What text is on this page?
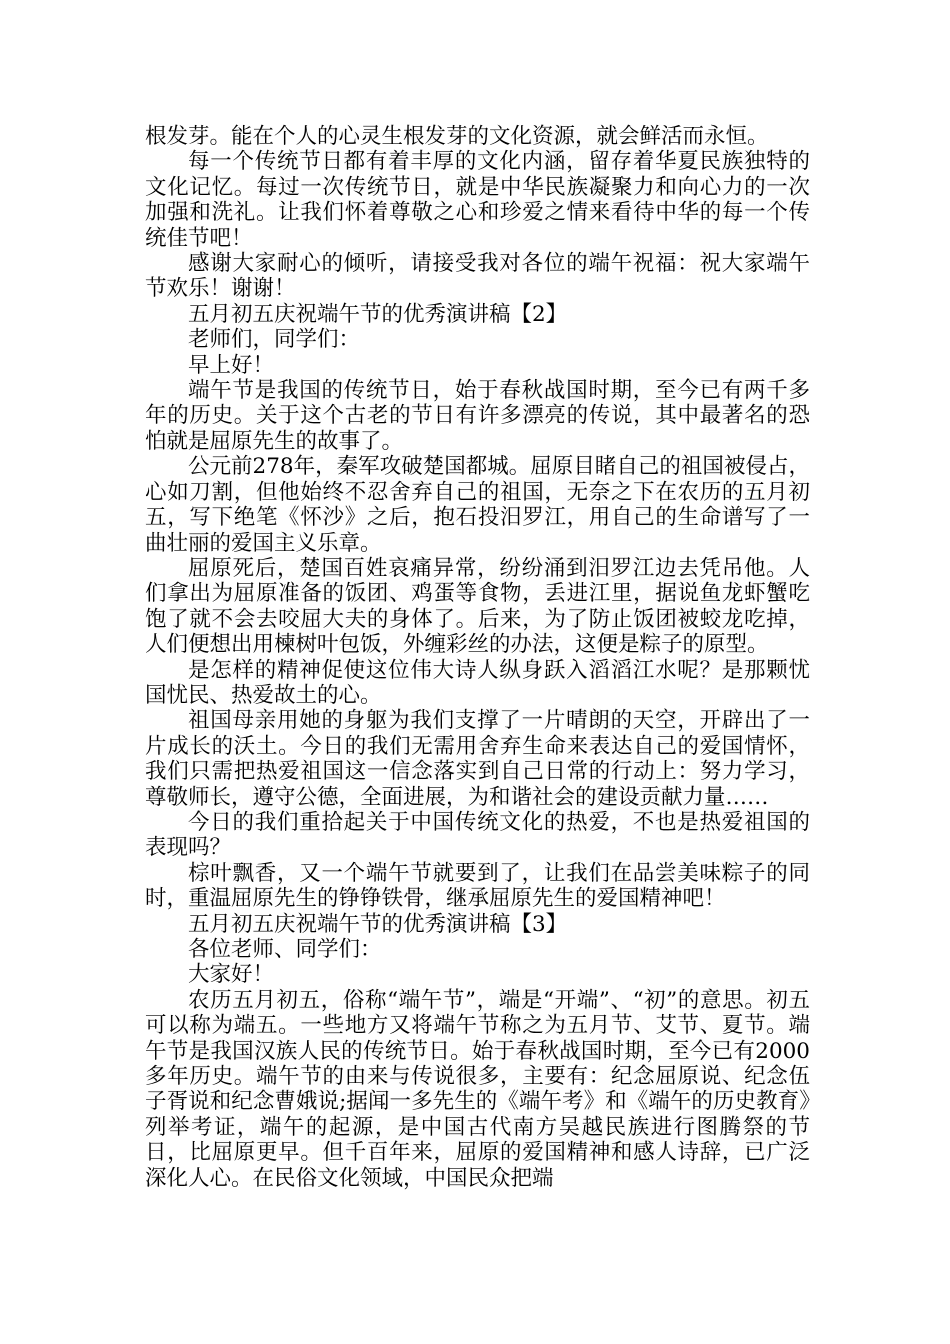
根发芽。能在个人的心灵生根发芽的文化资源，就会鲜活而永恒。

每一个传统节日都有着丰厚的文化内涵，留存着华夏民族独特的文化记忆。每过一次传统节日，就是中华民族凝聚力和向心力的一次加强和洗礼。让我们怀着尊敬之心和珍爱之情来看待中华的每一个传统佳节吧！

感谢大家耐心的倾听，请接受我对各位的端午祝福：祝大家端午节欢乐！谢谢！

五月初五庆祝端午节的优秀演讲稿【2】

老师们，同学们：

早上好！

端午节是我国的传统节日，始于春秋战国时期，至今已有两千多年的历史。关于这个古老的节日有许多漂亮的传说，其中最著名的恐怕就是屈原先生的故事了。

公元前278年，秦军攻破楚国都城。屈原目睹自己的祖国被侵占，心如刀割，但他始终不忍舍弃自己的祖国，无奈之下在农历的五月初五，写下绝笔《怀沙》之后，抱石投汨罗江，用自己的生命谱写了一曲壮丽的爱国主义乐章。

屈原死后，楚国百姓哀痛异常，纷纷涌到汨罗江边去凭吊他。人们拿出为屈原准备的饭团、鸡蛋等食物，丢进江里，据说鱼龙虾蟹吃饱了就不会去咬屈大夫的身体了。后来，为了防止饭团被蛟龙吃掉，人们便想出用楝树叶包饭，外缠彩丝的办法，这便是粽子的原型。

是怎样的精神促使这位伟大诗人纵身跃入滔滔江水呢？是那颗忧国忧民、热爱故土的心。

祖国母亲用她的身躯为我们支撑了一片晴朗的天空，开辟出了一片成长的沃土。今日的我们无需用舍弃生命来表达自己的爱国情怀，我们只需把热爱祖国这一信念落实到自己日常的行动上：努力学习，尊敬师长，遵守公德，全面进展，为和谐社会的建设贡献力量……

今日的我们重拾起关于中国传统文化的热爱，不也是热爱祖国的表现吗？

棕叶飘香，又一个端午节就要到了，让我们在品尝美味粽子的同时，重温屈原先生的铮铮铁骨，继承屈原先生的爱国精神吧！

五月初五庆祝端午节的优秀演讲稿【3】

各位老师、同学们：

大家好！

农历五月初五，俗称“端午节”，端是“开端”、“初”的意思。初五可以称为端五。一些地方又将端午节称之为五月节、艾节、夏节。端午节是我国汉族人民的传统节日。始于春秋战国时期，至今已有2000多年历史。端午节的由来与传说很多，主要有：纪念屈原说、纪念伍子胥说和纪念曹娥说;据闻一多先生的《端午考》和《端午的历史教育》列举考证，端午的起源，是中国古代南方吴越民族进行图腾祭的节日，比屈原更早。但千百年来，屈原的爱国精神和感人诗辞，已广泛深化人心。在民俗文化领域，中国民众把端
